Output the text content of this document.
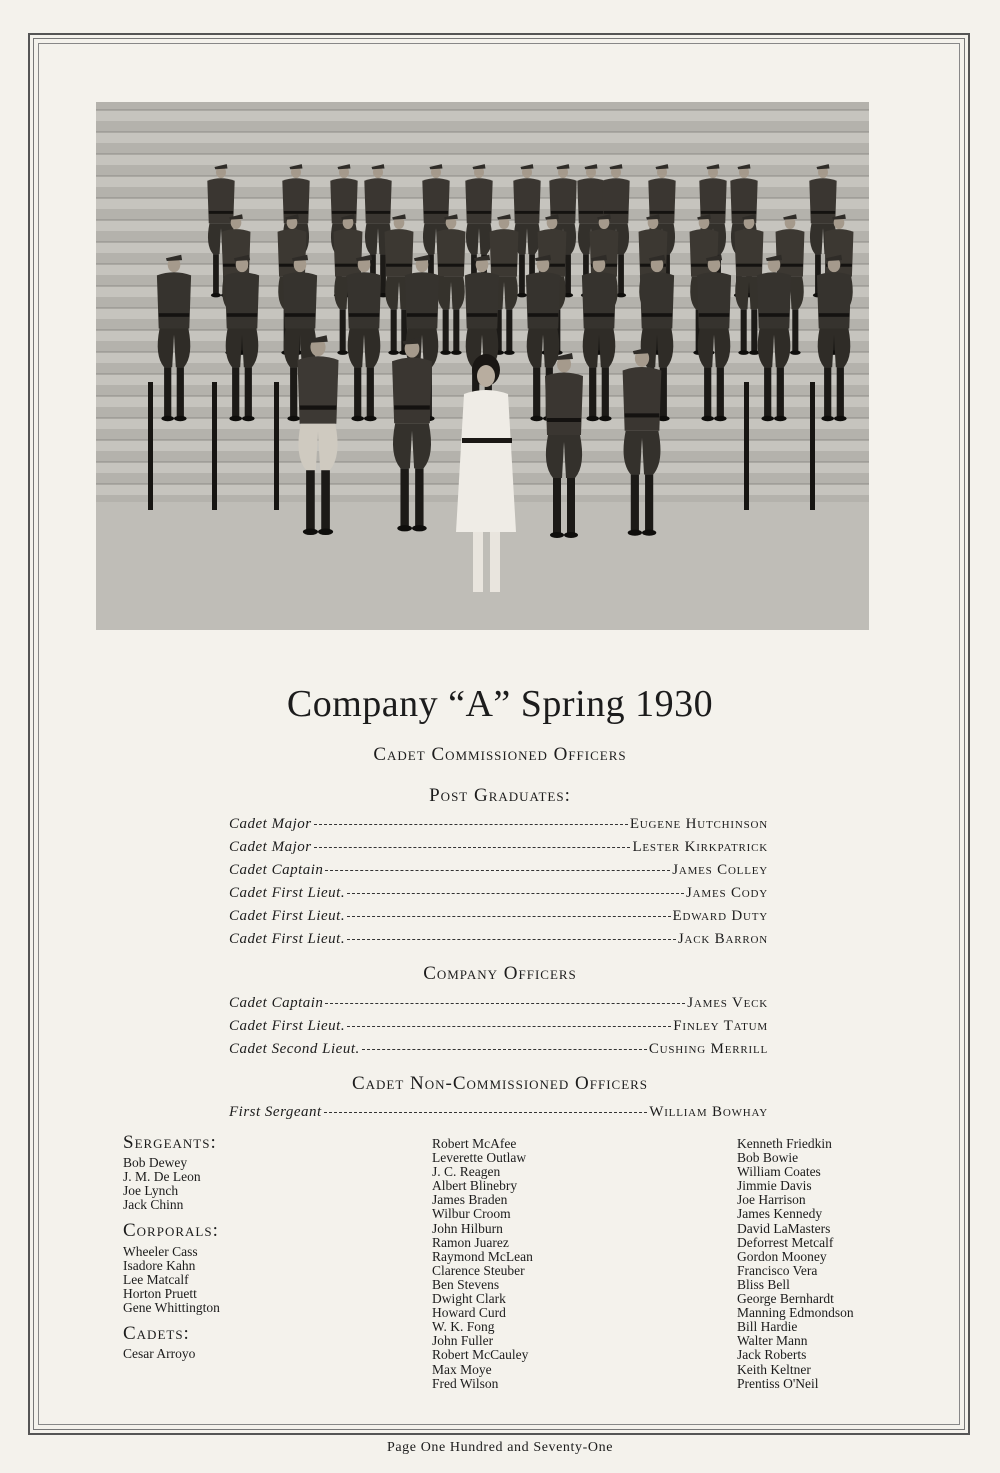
Company “A” Spring 1930
Cadet Commissioned Officers
Post Graduates:
Cadet Major	Eugene Hutchinson
Cadet Major	Lester Kirkpatrick
Cadet Captain	James Colley
Cadet First Lieut.	James Cody
Cadet First Lieut.	Edward Duty
Cadet First Lieut.	Jack Barron
Company Officers
Cadet Captain	James Veck
Cadet First Lieut.	Finley Tatum
Cadet Second Lieut.	Cushing Merrill
Cadet Non-Commissioned Officers
First Sergeant	William Bowhay
Sergeants:
Bob Dewey
J. M. De Leon
Joe Lynch
Jack Chinn
Corporals:
Wheeler Cass
Isadore Kahn
Lee Matcalf
Horton Pruett
Gene Whittington
Cadets:
Cesar Arroyo
Robert McAfee
Leverette Outlaw
J. C. Reagen
Albert Blinebry
James Braden
Wilbur Croom
John Hilburn
Ramon Juarez
Raymond McLean
Clarence Steuber
Ben Stevens
Dwight Clark
Howard Curd
W. K. Fong
John Fuller
Robert McCauley
Max Moye
Fred Wilson
Kenneth Friedkin
Bob Bowie
William Coates
Jimmie Davis
Joe Harrison
James Kennedy
David LaMasters
Deforrest Metcalf
Gordon Mooney
Francisco Vera
Bliss Bell
George Bernhardt
Manning Edmondson
Bill Hardie
Walter Mann
Jack Roberts
Keith Keltner
Prentiss O'Neil
Page One Hundred and Seventy-One
